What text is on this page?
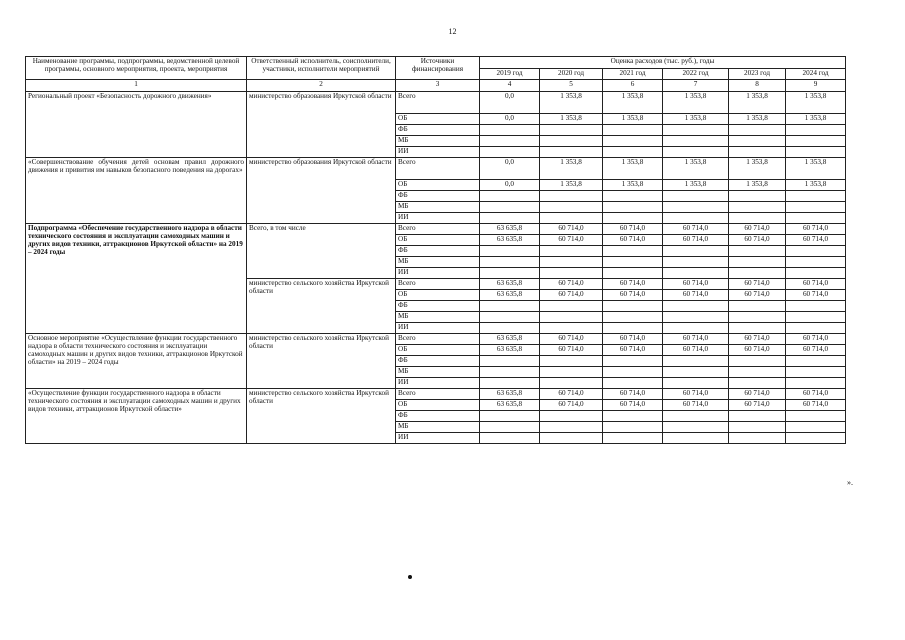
12
Наименование программы, подпрограммы, ведомственной целевой программы, основного мероприятия, проекта, мероприятия	Ответственный исполнитель, соисполнители, участники, исполнители мероприятий	Источники финансирования	Оценка расходов (тыс. руб.), годы					
			2019 год	2020 год	2021 год	2022 год	2023 год	2024 год
1	2	3	4	5	6	7	8	9
Региональный проект «Безопасность дорожного движения»	министерство образования Иркутской области	Всего	0,0	1 353,8	1 353,8	1 353,8	1 353,8	1 353,8
		ОБ	0,0	1 353,8	1 353,8	1 353,8	1 353,8	1 353,8
		ФБ						
		МБ						
		ИИ						
«Совершенствование обучения детей основам правил дорожного движения и привития им навыков безопасного поведения на дорогах»	министерство образования Иркутской области	Всего	0,0	1 353,8	1 353,8	1 353,8	1 353,8	1 353,8
		ОБ	0,0	1 353,8	1 353,8	1 353,8	1 353,8	1 353,8
		ФБ						
		МБ						
		ИИ						
Подпрограмма «Обеспечение государственного надзора в области технического состояния и эксплуатации самоходных машин и других видов техники, аттракционов Иркутской области» на 2019 – 2024 годы	Всего, в том числе	Всего	63 635,8	60 714,0	60 714,0	60 714,0	60 714,0	60 714,0
		ОБ	63 635,8	60 714,0	60 714,0	60 714,0	60 714,0	60 714,0
		ФБ						
		МБ						
		ИИ						
	министерство сельского хозяйства Иркутской области	Всего	63 635,8	60 714,0	60 714,0	60 714,0	60 714,0	60 714,0
		ОБ	63 635,8	60 714,0	60 714,0	60 714,0	60 714,0	60 714,0
		ФБ						
		МБ						
		ИИ						
Основное мероприятие «Осуществление функции государственного надзора в области технического состояния и эксплуатации самоходных машин и других видов техники, аттракционов Иркутской области» на 2019 – 2024 годы	министерство сельского хозяйства Иркутской области	Всего	63 635,8	60 714,0	60 714,0	60 714,0	60 714,0	60 714,0
		ОБ	63 635,8	60 714,0	60 714,0	60 714,0	60 714,0	60 714,0
		ФБ						
		МБ						
		ИИ						
«Осуществление функции государственного надзора в области технического состояния и эксплуатации самоходных машин и других видов техники, аттракционов Иркутской области»	министерство сельского хозяйства Иркутской области	Всего	63 635,8	60 714,0	60 714,0	60 714,0	60 714,0	60 714,0
		ОБ	63 635,8	60 714,0	60 714,0	60 714,0	60 714,0	60 714,0
		ФБ						
		МБ						
		ИИ						
».
